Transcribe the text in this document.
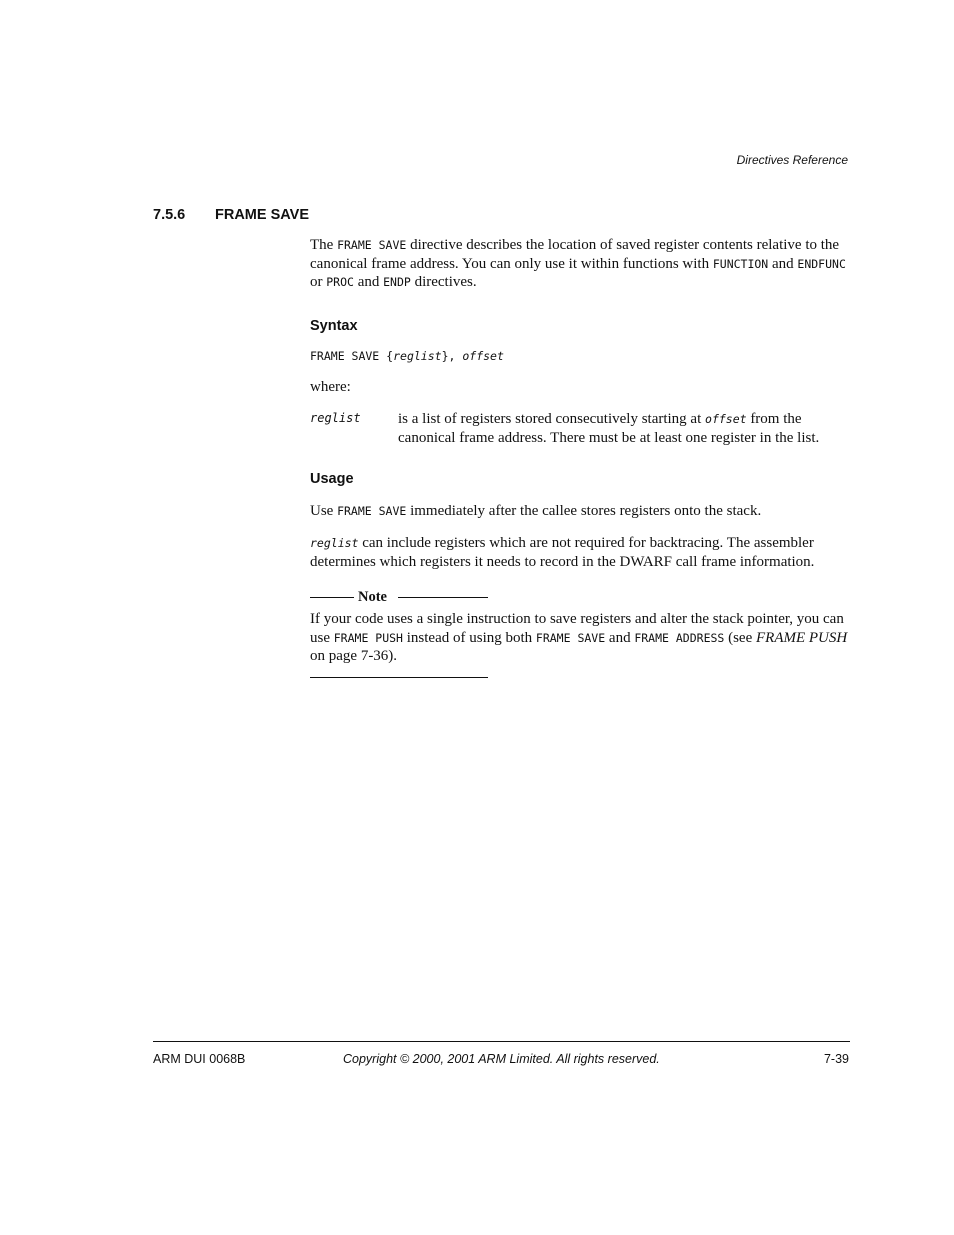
Directives Reference
7.5.6 FRAME SAVE

The FRAME SAVE directive describes the location of saved register contents relative to the canonical frame address. You can only use it within functions with FUNCTION and ENDFUNC or PROC and ENDP directives.

Syntax
FRAME SAVE {reglist}, offset
where:
reglist is a list of registers stored consecutively starting at offset from the canonical frame address. There must be at least one register in the list.

Usage

Use FRAME SAVE immediately after the callee stores registers onto the stack.

reglist can include registers which are not required for backtracing. The assembler determines which registers it needs to record in the DWARF call frame information.

Note

If your code uses a single instruction to save registers and alter the stack pointer, you can use FRAME PUSH instead of using both FRAME SAVE and FRAME ADDRESS (see FRAME PUSH on page 7-36).

ARM DUI 0068B	Copyright © 2000, 2001 ARM Limited. All rights reserved.	7-39
